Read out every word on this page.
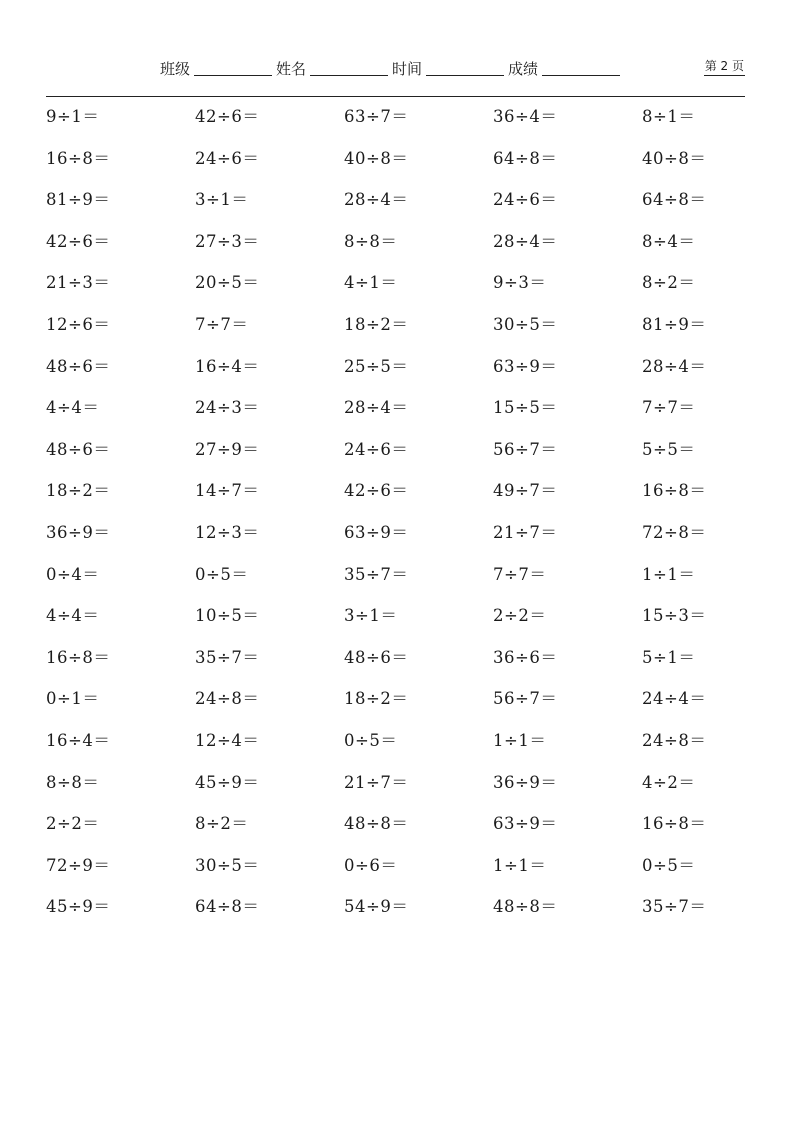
班级	姓名	时间	成绩	第 2 页
9÷1＝	42÷6＝	63÷7＝	36÷4＝	8÷1＝
16÷8＝	24÷6＝	40÷8＝	64÷8＝	40÷8＝
81÷9＝	3÷1＝	28÷4＝	24÷6＝	64÷8＝
42÷6＝	27÷3＝	8÷8＝	28÷4＝	8÷4＝
21÷3＝	20÷5＝	4÷1＝	9÷3＝	8÷2＝
12÷6＝	7÷7＝	18÷2＝	30÷5＝	81÷9＝
48÷6＝	16÷4＝	25÷5＝	63÷9＝	28÷4＝
4÷4＝	24÷3＝	28÷4＝	15÷5＝	7÷7＝
48÷6＝	27÷9＝	24÷6＝	56÷7＝	5÷5＝
18÷2＝	14÷7＝	42÷6＝	49÷7＝	16÷8＝
36÷9＝	12÷3＝	63÷9＝	21÷7＝	72÷8＝
0÷4＝	0÷5＝	35÷7＝	7÷7＝	1÷1＝
4÷4＝	10÷5＝	3÷1＝	2÷2＝	15÷3＝
16÷8＝	35÷7＝	48÷6＝	36÷6＝	5÷1＝
0÷1＝	24÷8＝	18÷2＝	56÷7＝	24÷4＝
16÷4＝	12÷4＝	0÷5＝	1÷1＝	24÷8＝
8÷8＝	45÷9＝	21÷7＝	36÷9＝	4÷2＝
2÷2＝	8÷2＝	48÷8＝	63÷9＝	16÷8＝
72÷9＝	30÷5＝	0÷6＝	1÷1＝	0÷5＝
45÷9＝	64÷8＝	54÷9＝	48÷8＝	35÷7＝
